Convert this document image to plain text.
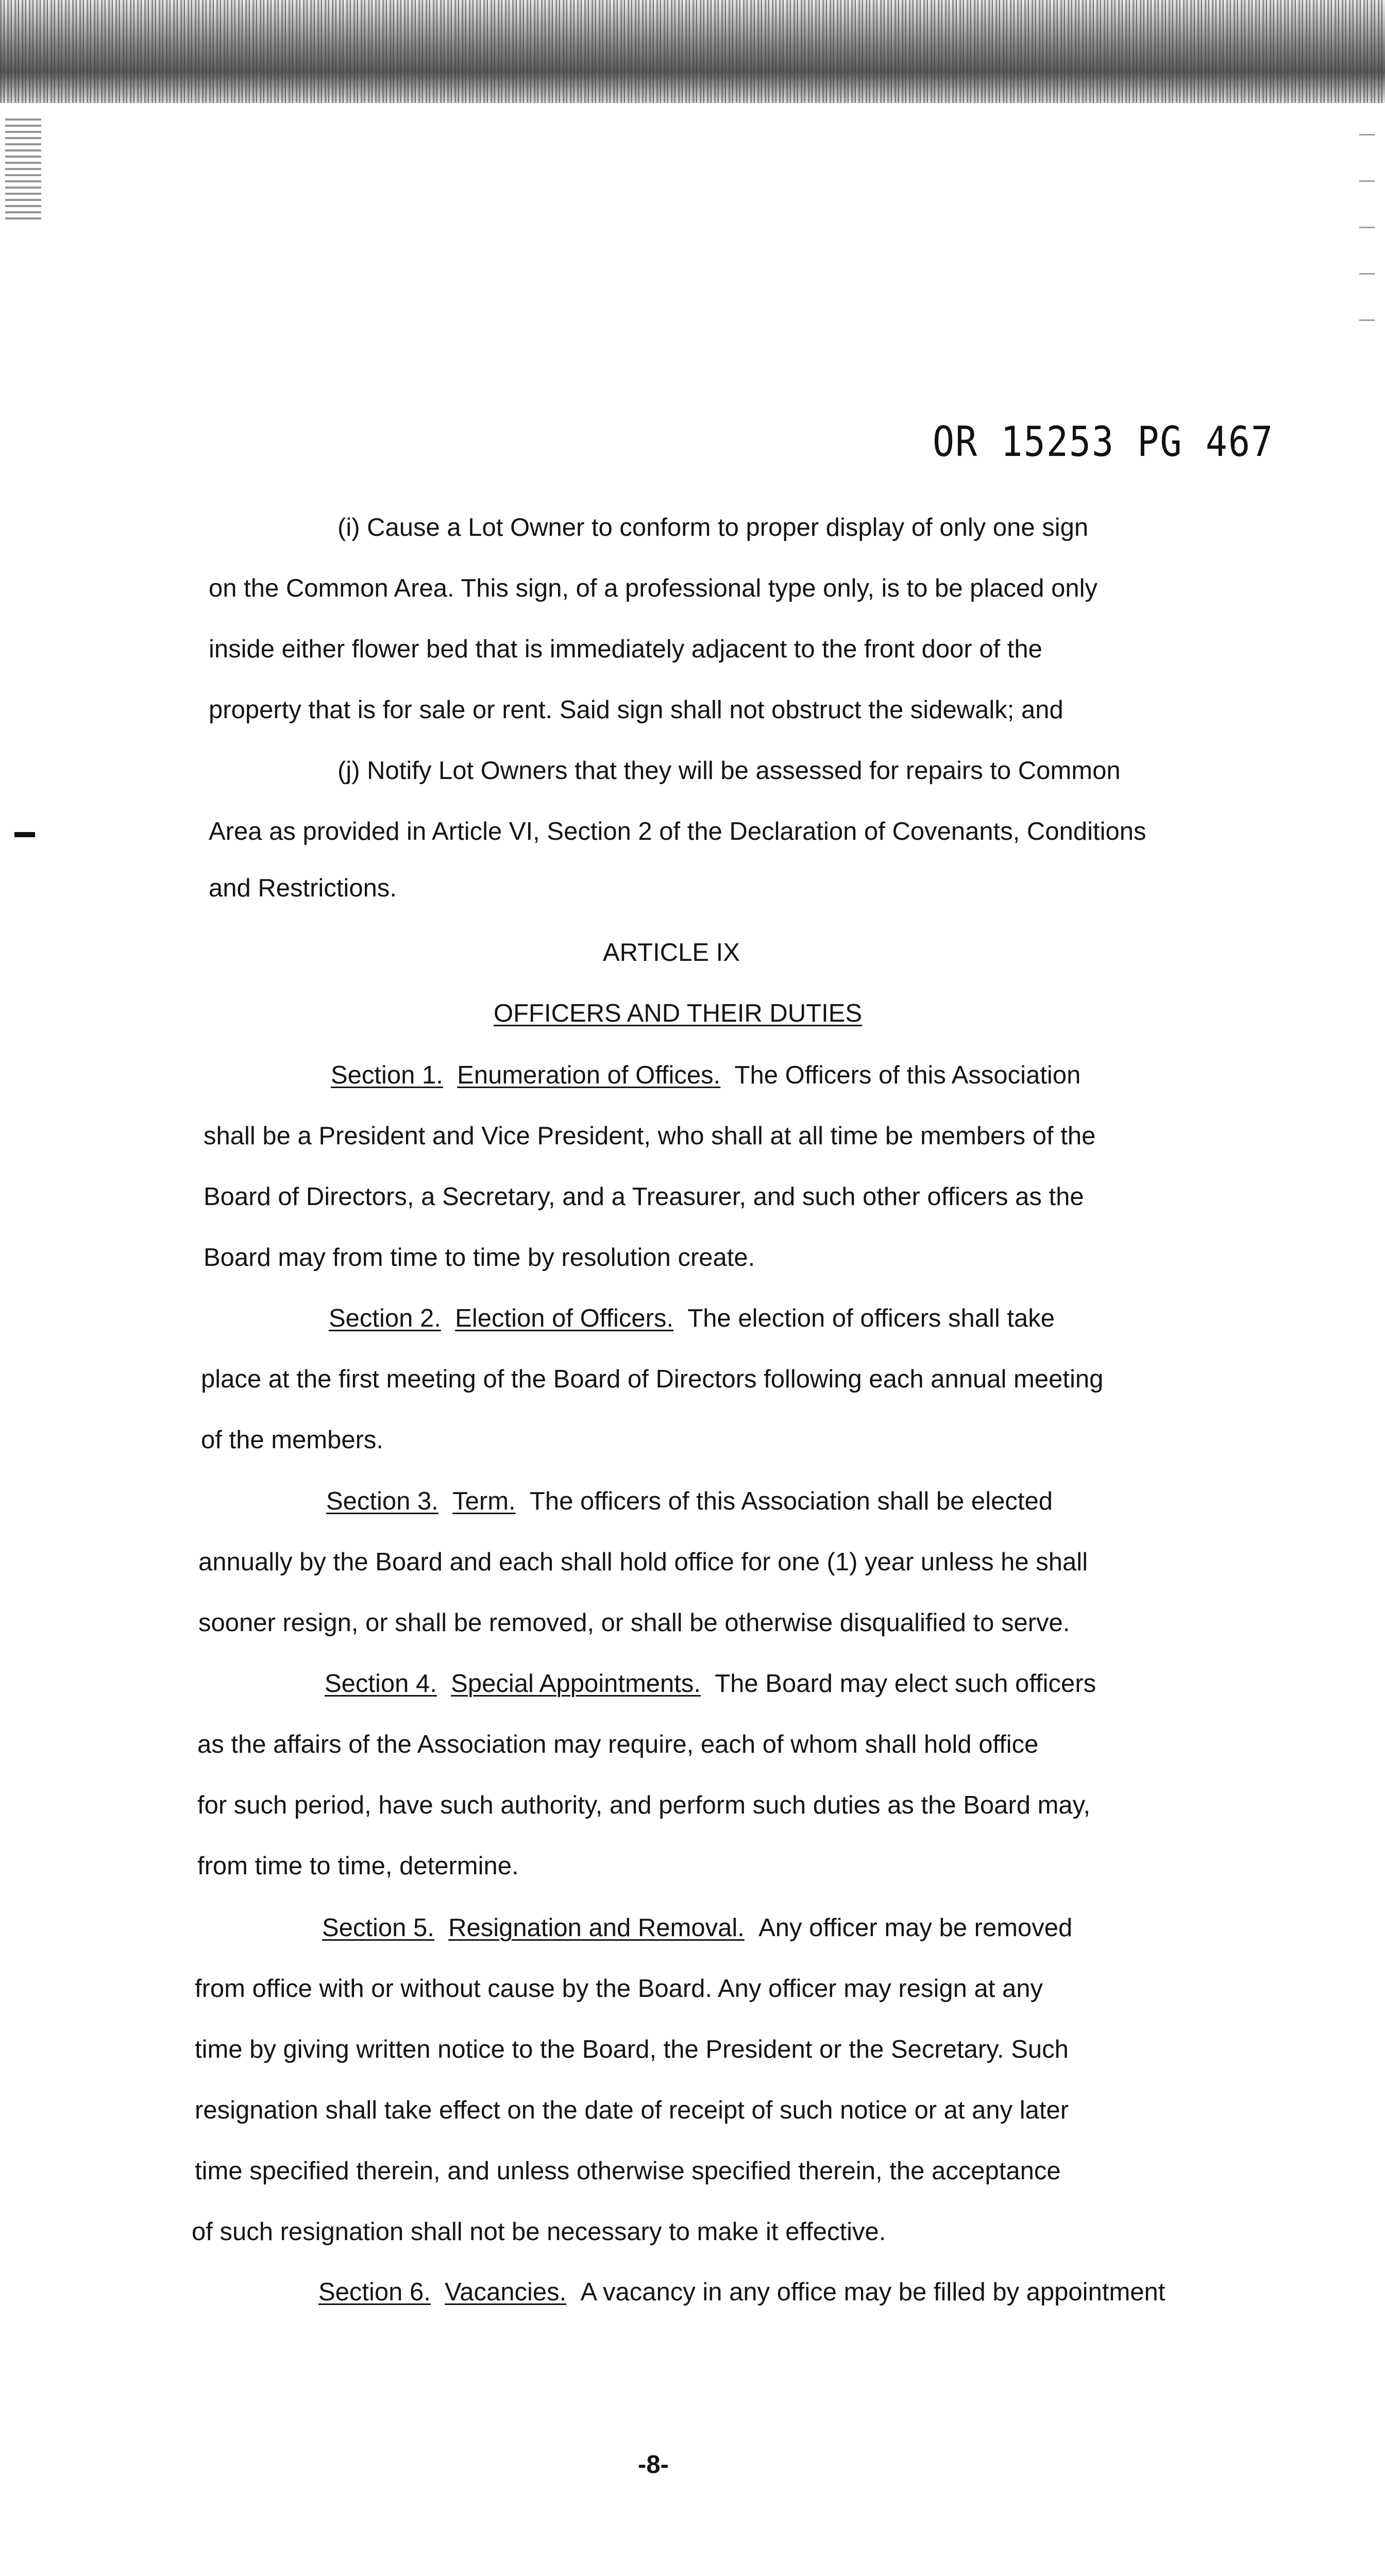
OR 15253 PG 467
(i) Cause a Lot Owner to conform to proper display of only one sign
on the Common Area. This sign, of a professional type only, is to be placed only
inside either flower bed that is immediately adjacent to the front door of the
property that is for sale or rent. Said sign shall not obstruct the sidewalk; and
(j) Notify Lot Owners that they will be assessed for repairs to Common
Area as provided in Article VI, Section 2 of the Declaration of Covenants, Conditions
and Restrictions.
ARTICLE IX
OFFICERS AND THEIR DUTIES
Section 1. Enumeration of Offices. The Officers of this Association
shall be a President and Vice President, who shall at all time be members of the
Board of Directors, a Secretary, and a Treasurer, and such other officers as the
Board may from time to time by resolution create.
Section 2. Election of Officers. The election of officers shall take
place at the first meeting of the Board of Directors following each annual meeting
of the members.
Section 3. Term. The officers of this Association shall be elected
annually by the Board and each shall hold office for one (1) year unless he shall
sooner resign, or shall be removed, or shall be otherwise disqualified to serve.
Section 4. Special Appointments. The Board may elect such officers
as the affairs of the Association may require, each of whom shall hold office
for such period, have such authority, and perform such duties as the Board may,
from time to time, determine.
Section 5. Resignation and Removal. Any officer may be removed
from office with or without cause by the Board. Any officer may resign at any
time by giving written notice to the Board, the President or the Secretary. Such
resignation shall take effect on the date of receipt of such notice or at any later
time specified therein, and unless otherwise specified therein, the acceptance
of such resignation shall not be necessary to make it effective.
Section 6. Vacancies. A vacancy in any office may be filled by appointment
-8-
